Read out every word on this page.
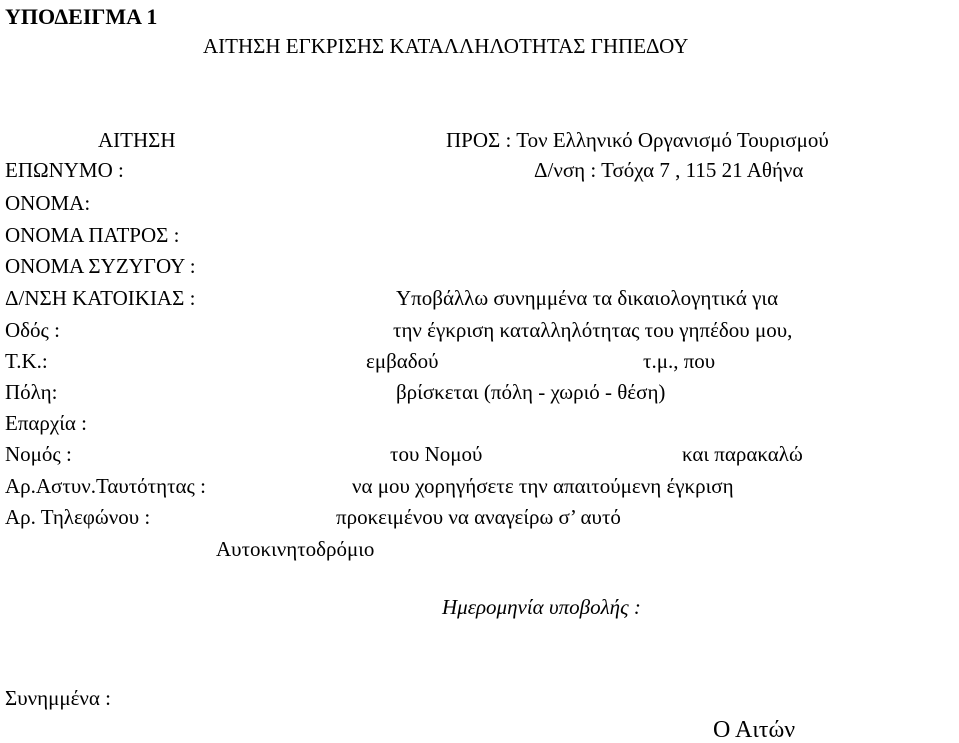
ΥΠΟΔΕΙΓΜΑ 1
ΑΙΤΗΣΗ ΕΓΚΡΙΣΗΣ ΚΑΤΑΛΛΗΛΟΤΗΤΑΣ ΓΗΠΕΔΟΥ
ΑΙΤΗΣΗ
ΕΠΩΝΥΜΟ :
ΟΝΟΜΑ:
ΟΝΟΜΑ ΠΑΤΡΟΣ :
ΟΝΟΜΑ ΣΥΖΥΓΟΥ :
Δ/ΝΣΗ ΚΑΤΟΙΚΙΑΣ :
Οδός :
Τ.Κ.:
Πόλη:
Επαρχία :
Νομός :
Αρ.Αστυν.Ταυτότητας :
Αρ. Τηλεφώνου :
ΠΡΟΣ : Τον Ελληνικό Οργανισμό Τουρισμού
Δ/νση : Τσόχα 7 , 115 21 Αθήνα
Υποβάλλω συνημμένα τα δικαιολογητικά για
την έγκριση καταλληλότητας του γηπέδου μου,
εμβαδού	τ.μ., που
βρίσκεται (πόλη - χωριό - θέση)
του Νομού	και παρακαλώ
να μου χορηγήσετε την απαιτούμενη έγκριση
προκειμένου να αναγείρω σ’ αυτό
Αυτοκινητοδρόμιο
Ημερομηνία υποβολής :
Συνημμένα :
Ο Αιτών
